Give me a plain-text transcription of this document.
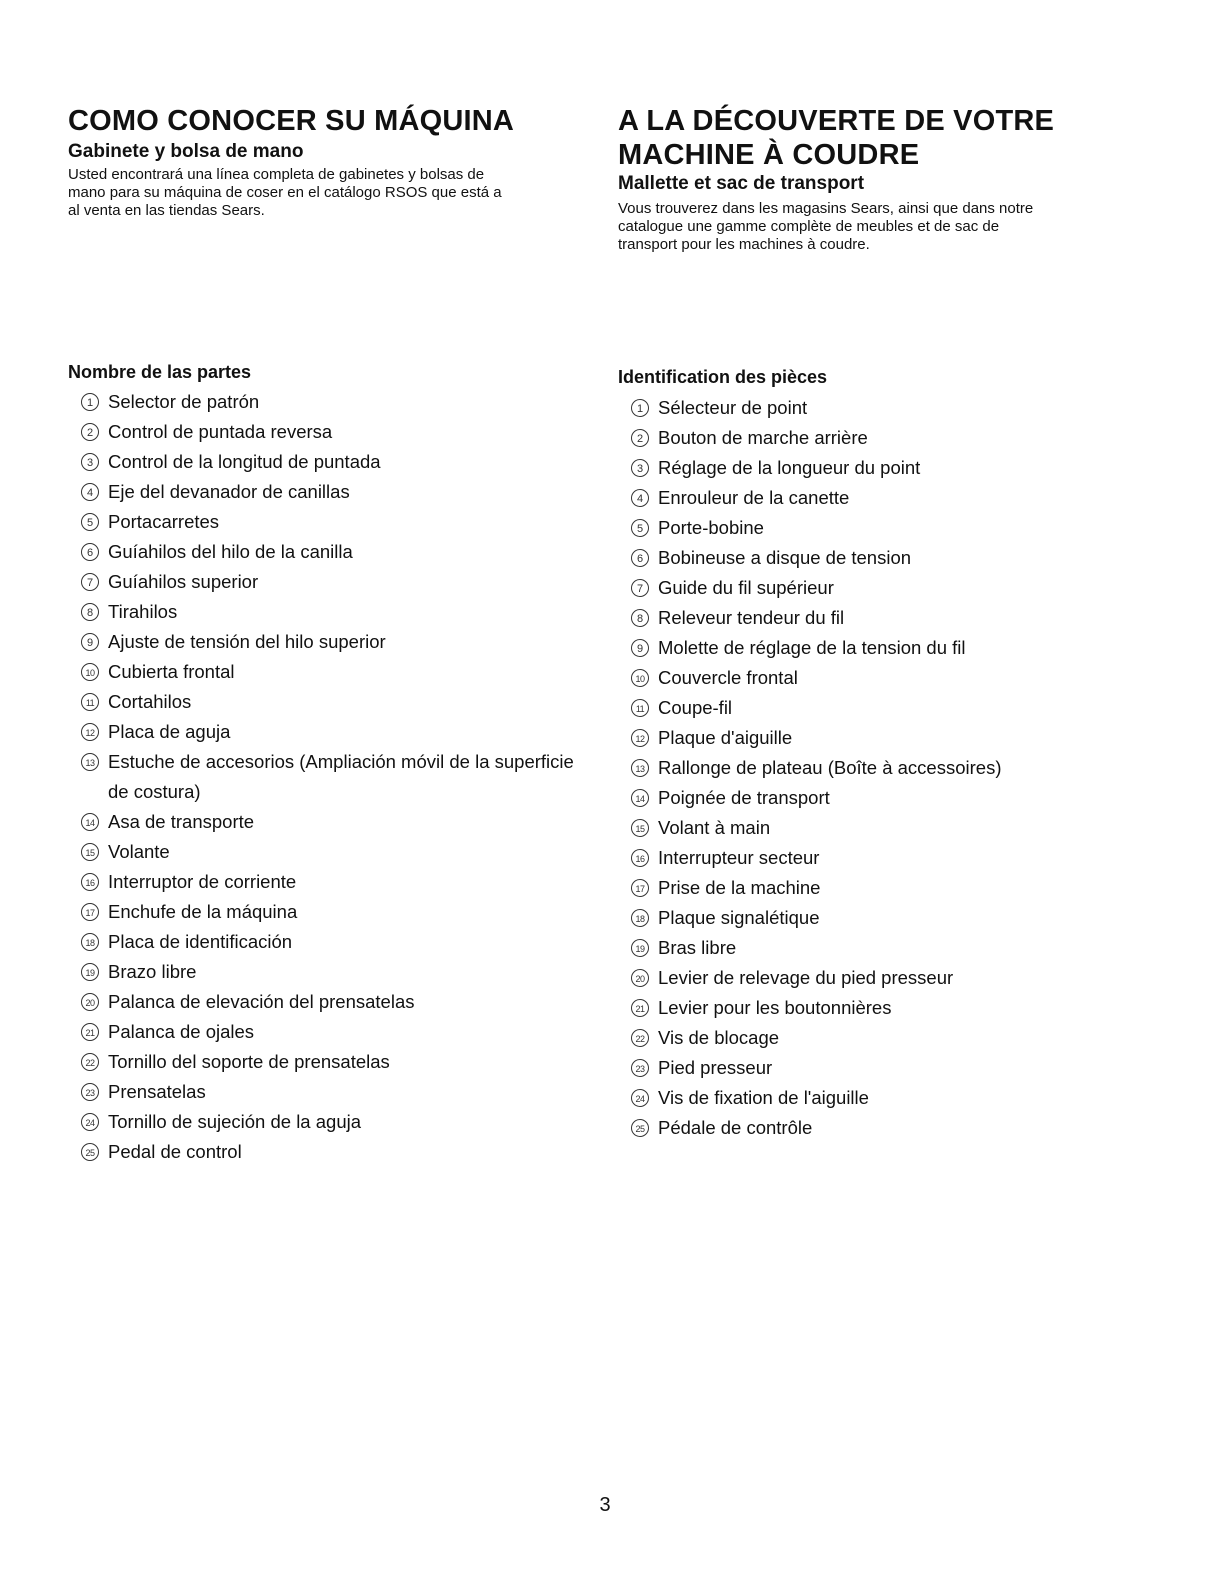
COMO CONOCER SU MÁQUINA
Gabinete y bolsa de mano
Usted encontrará una línea completa de gabinetes y bolsas de
mano para su máquina de coser en el catálogo RSOS que está a
al venta en las tiendas Sears.
Nombre de las partes
1 Selector de patrón
2 Control de puntada reversa
3 Control de la longitud de puntada
4 Eje del devanador de canillas
5 Portacarretes
6 Guíahilos del hilo de la canilla
7 Guíahilos superior
8 Tirahilos
9 Ajuste de tensión del hilo superior
10 Cubierta frontal
11 Cortahilos
12 Placa de aguja
13 Estuche de accesorios (Ampliación móvil de la superficie
de costura)
14 Asa de transporte
15 Volante
16 Interruptor de corriente
17 Enchufe de la máquina
18 Placa de identificación
19 Brazo libre
20 Palanca de elevación del prensatelas
21 Palanca de ojales
22 Tornillo del soporte de prensatelas
23 Prensatelas
24 Tornillo de sujeción de la aguja
25 Pedal de control
A LA DÉCOUVERTE DE VOTRE
MACHINE À COUDRE
Mallette et sac de transport
Vous trouverez dans les magasins Sears, ainsi que dans notre
catalogue une gamme complète de meubles et de sac de
transport pour les machines à coudre.
Identification des pièces
1 Sélecteur de point
2 Bouton de marche arrière
3 Réglage de la longueur du point
4 Enrouleur de la canette
5 Porte-bobine
6 Bobineuse a disque de tension
7 Guide du fil supérieur
8 Releveur tendeur du fil
9 Molette de réglage de la tension du fil
10 Couvercle frontal
11 Coupe-fil
12 Plaque d'aiguille
13 Rallonge de plateau (Boîte à accessoires)
14 Poignée de transport
15 Volant à main
16 Interrupteur secteur
17 Prise de la machine
18 Plaque signalétique
19 Bras libre
20 Levier de relevage du pied presseur
21 Levier pour les boutonnières
22 Vis de blocage
23 Pied presseur
24 Vis de fixation de l'aiguille
25 Pédale de contrôle
3
